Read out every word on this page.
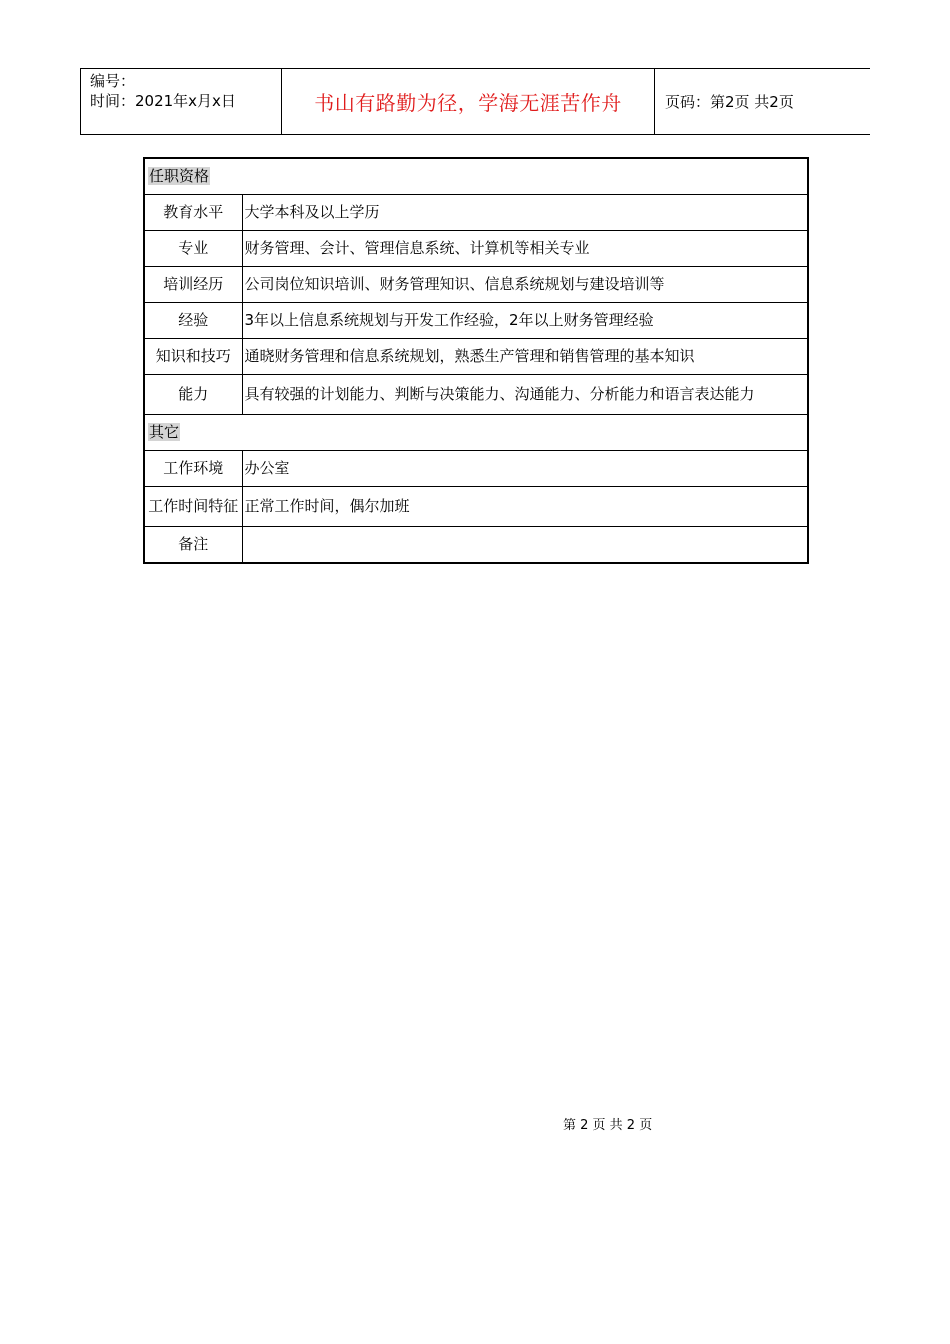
编号：
时间：2021年x月x日	书山有路勤为径，学海无涯苦作舟	页码：第2页 共2页
任职资格	
教育水平	大学本科及以上学历
专业	财务管理、会计、管理信息系统、计算机等相关专业
培训经历	公司岗位知识培训、财务管理知识、信息系统规划与建设培训等
经验	3年以上信息系统规划与开发工作经验，2年以上财务管理经验
知识和技巧	通晓财务管理和信息系统规划，熟悉生产管理和销售管理的基本知识
能力	具有较强的计划能力、判断与决策能力、沟通能力、分析能力和语言表达能力
其它	
工作环境	办公室
工作时间特征	正常工作时间，偶尔加班
备注	
第 2 页 共 2 页
